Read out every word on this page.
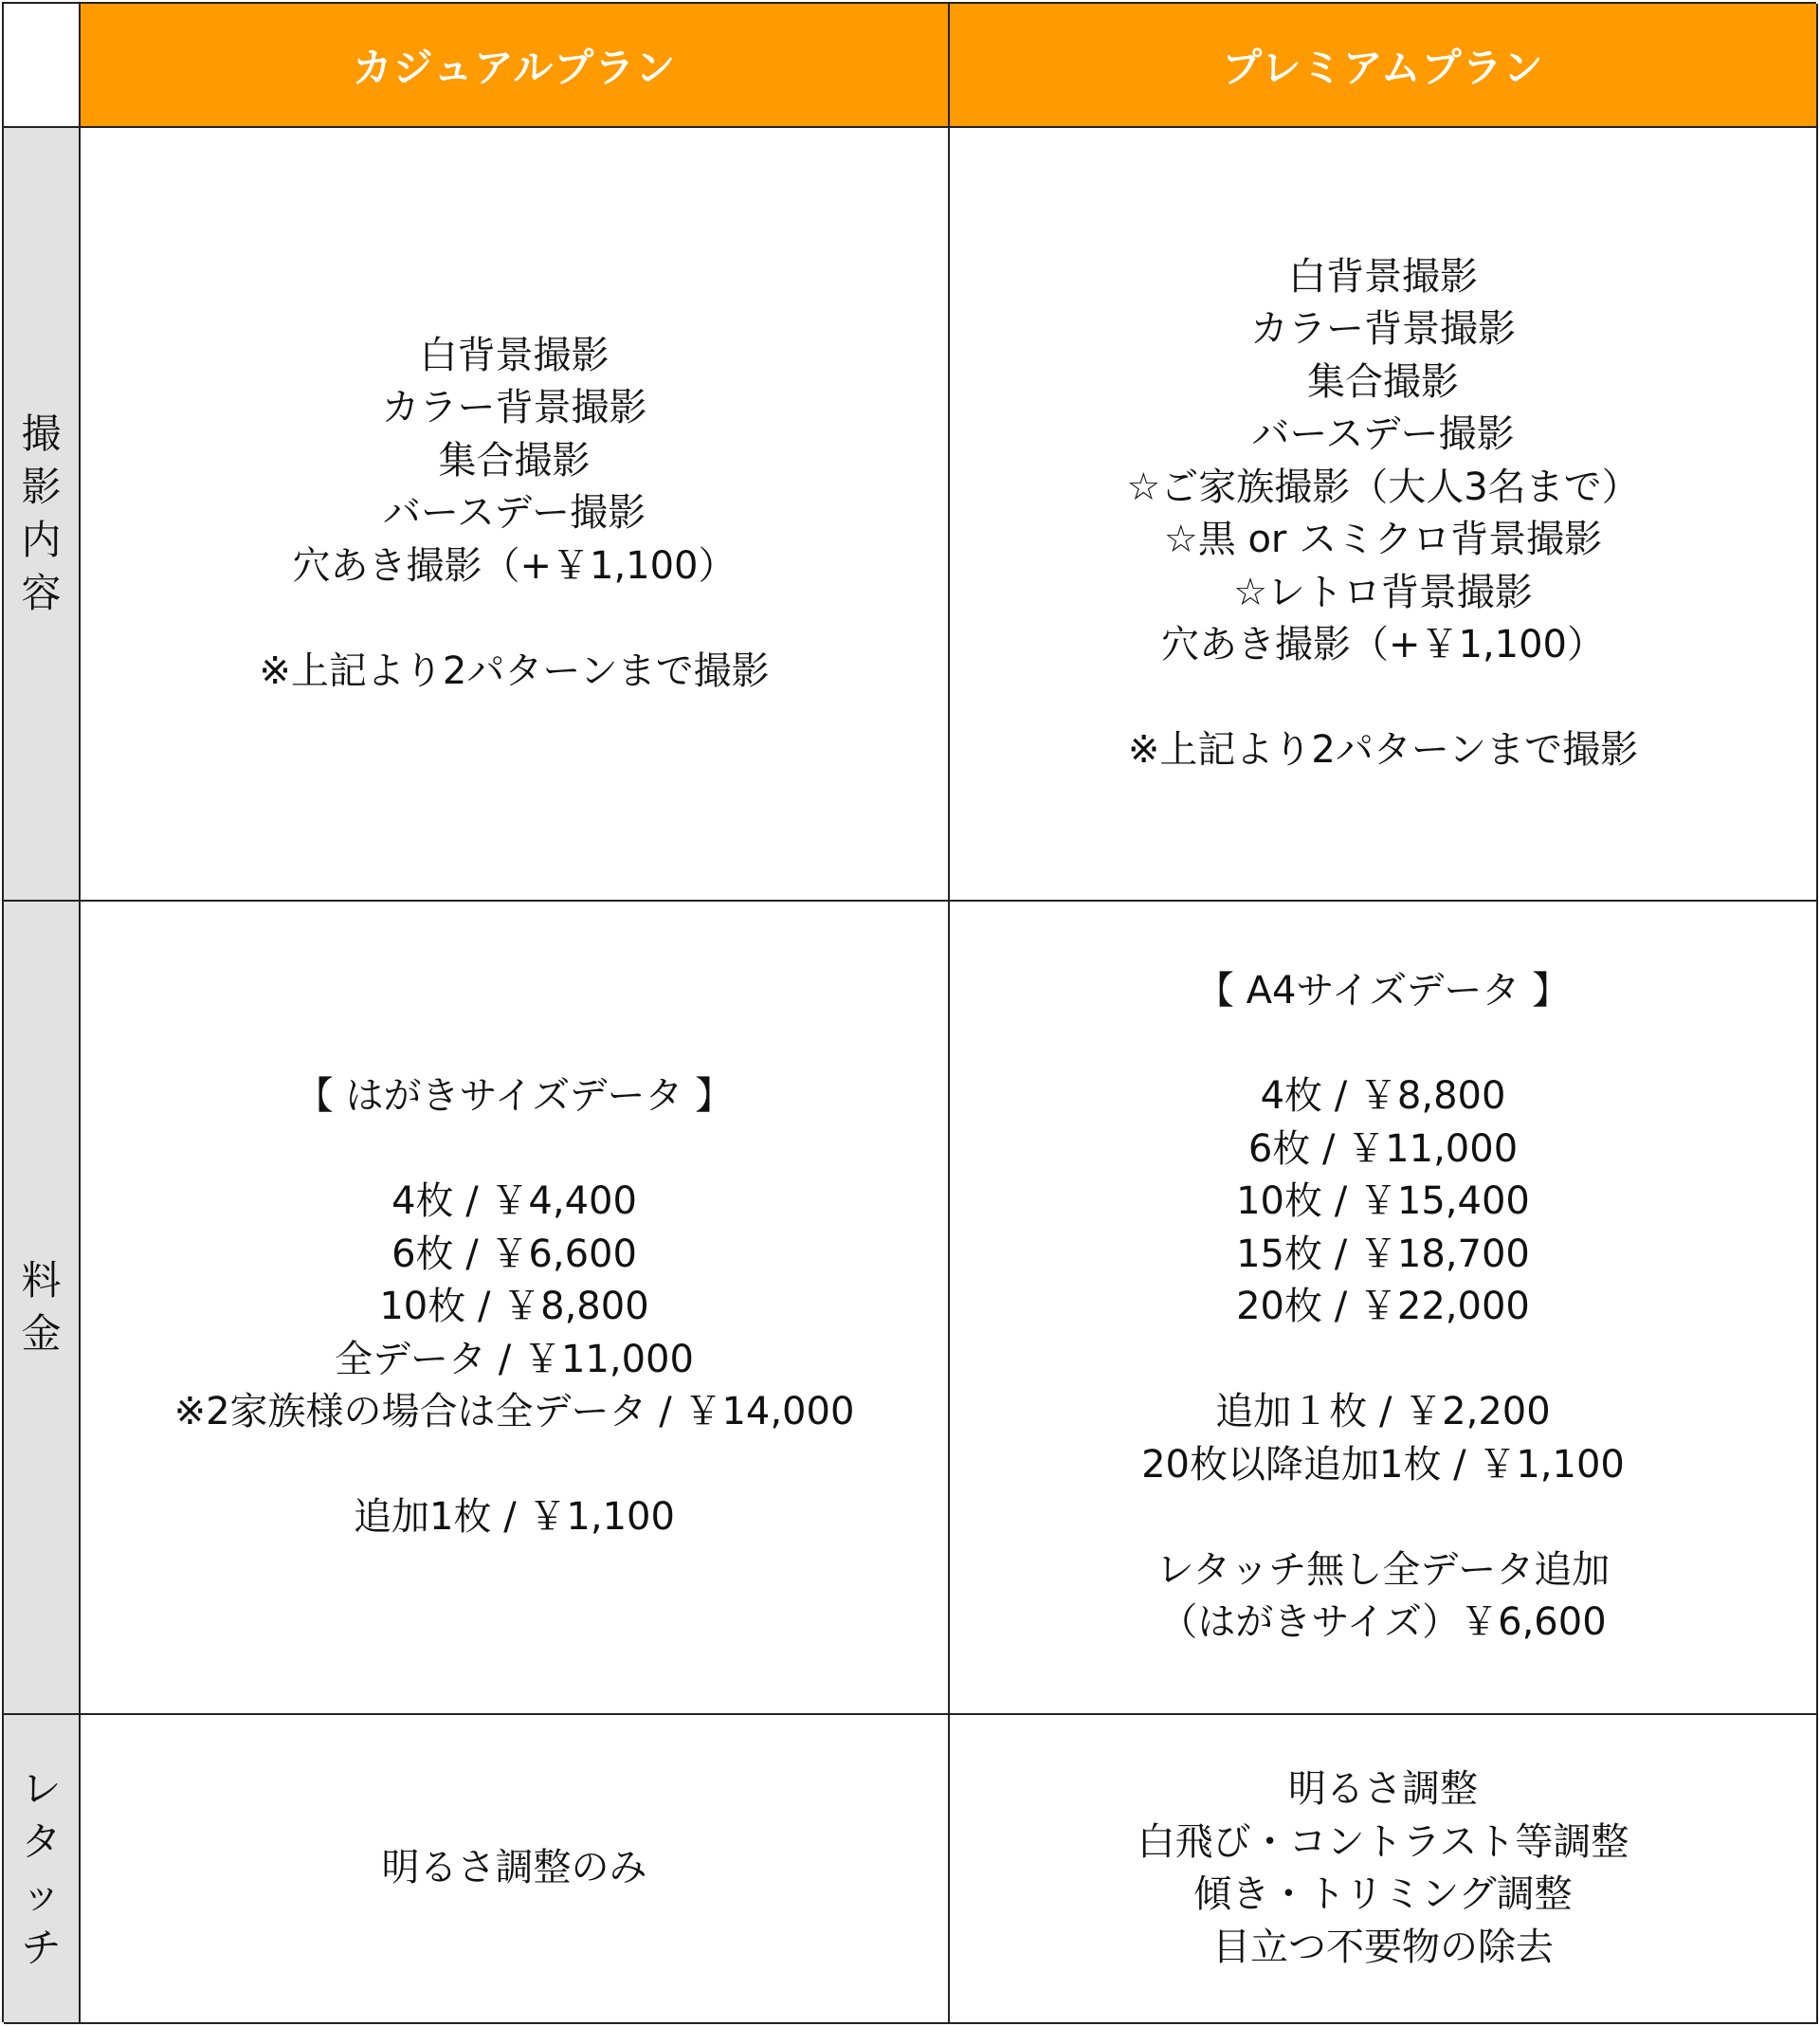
カジュアルプラン	プレミアムプラン
撮
影
内
容
白背景撮影
カラー背景撮影
集合撮影
バースデー撮影
穴あき撮影（+￥1,100）
※上記より2パターンまで撮影
白背景撮影
カラー背景撮影
集合撮影
バースデー撮影
☆ご家族撮影（大人3名まで）
☆黒 or スミクロ背景撮影
☆レトロ背景撮影
穴あき撮影（+￥1,100）
※上記より2パターンまで撮影
料
金
【 はがきサイズデータ 】
4枚 / ￥4,400
6枚 / ￥6,600
10枚 / ￥8,800
全データ / ￥11,000
※2家族様の場合は全データ / ￥14,000
追加1枚 / ￥1,100
【 A4サイズデータ 】
4枚 / ￥8,800
6枚 / ￥11,000
10枚 / ￥15,400
15枚 / ￥18,700
20枚 / ￥22,000
追加１枚 / ￥2,200
20枚以降追加1枚 / ￥1,100
レタッチ無し全データ追加
（はがきサイズ）￥6,600
レ
タ
ッ
チ
明るさ調整のみ
明るさ調整
白飛び・コントラスト等調整
傾き・トリミング調整
目立つ不要物の除去
